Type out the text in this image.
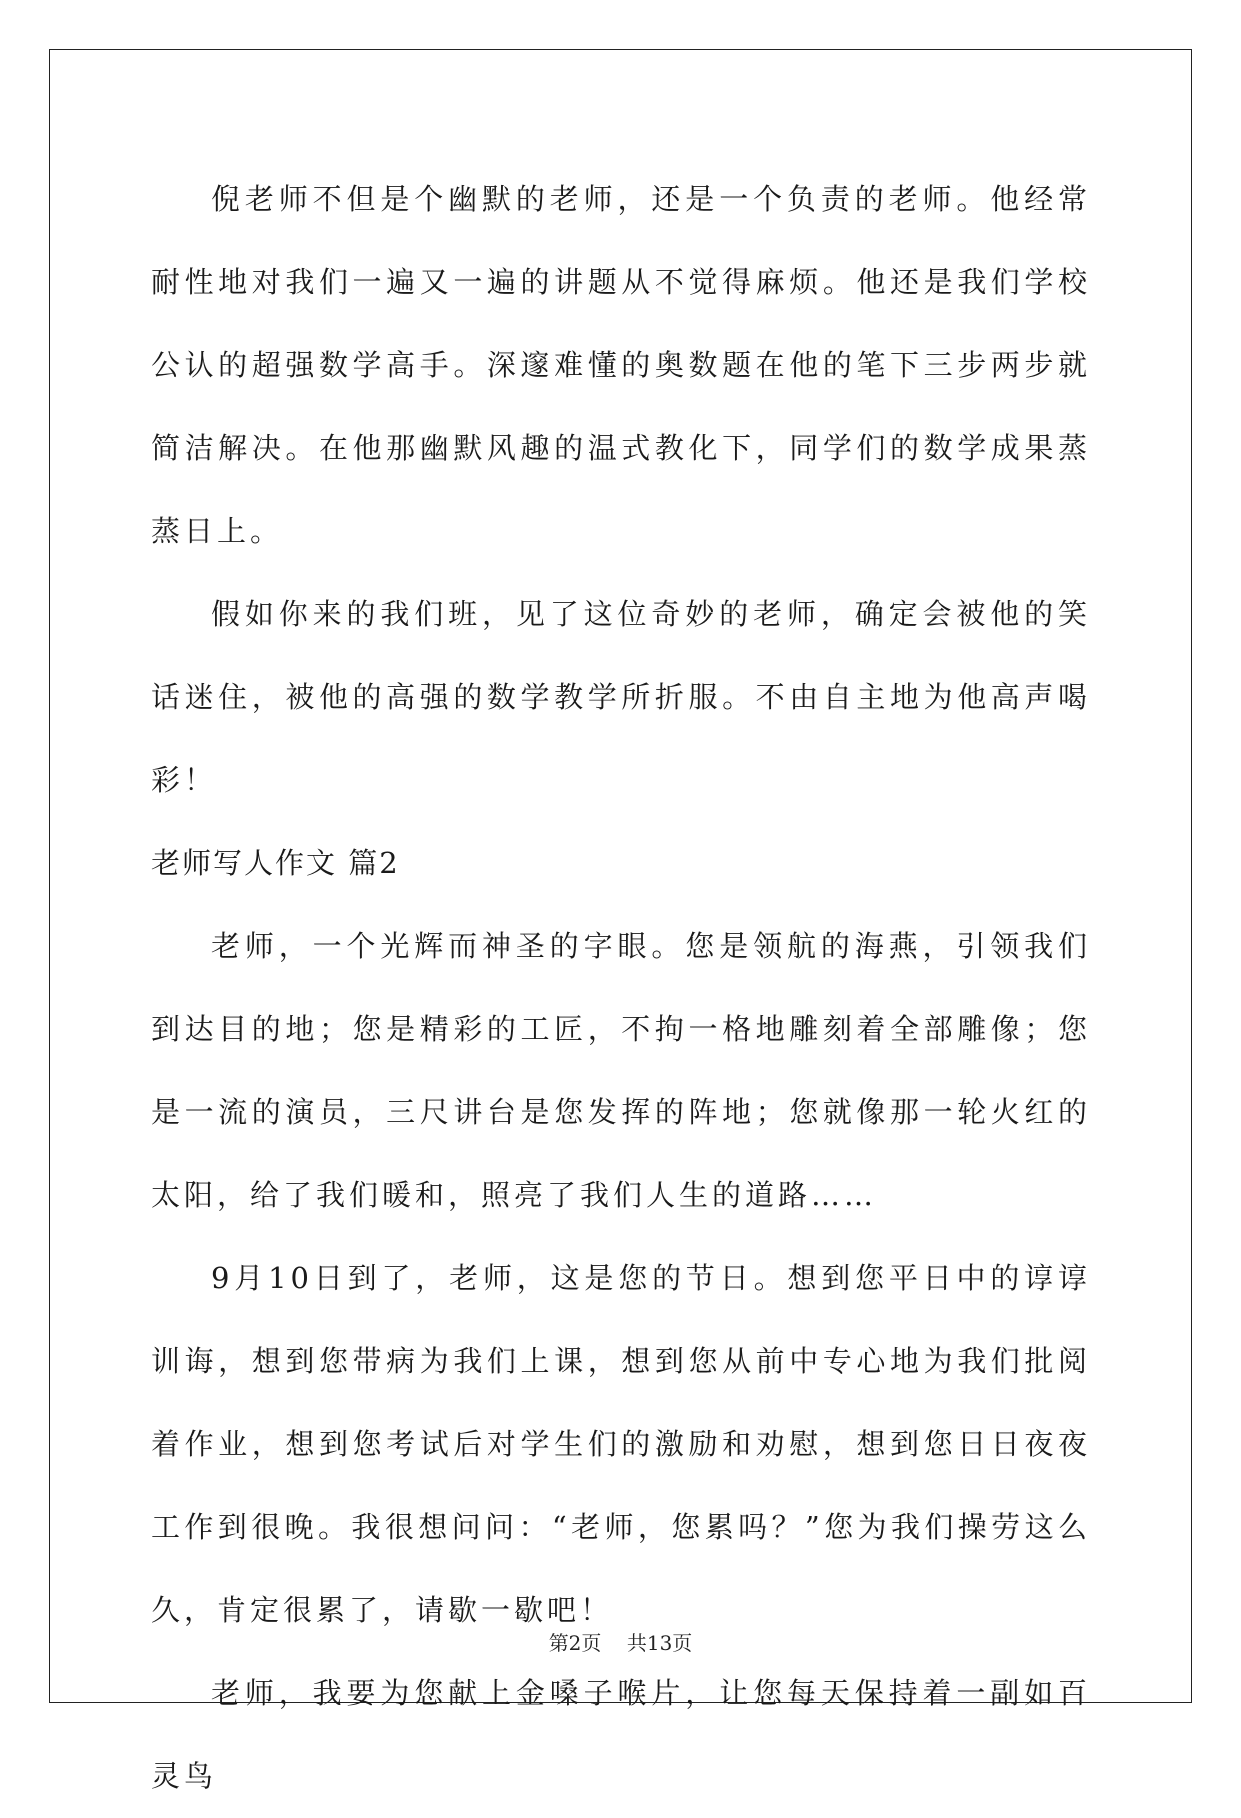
倪老师不但是个幽默的老师，还是一个负责的老师。他经常耐性地对我们一遍又一遍的讲题从不觉得麻烦。他还是我们学校公认的超强数学高手。深邃难懂的奥数题在他的笔下三步两步就简洁解决。在他那幽默风趣的温式教化下，同学们的数学成果蒸蒸日上。

假如你来的我们班，见了这位奇妙的老师，确定会被他的笑话迷住，被他的高强的数学教学所折服。不由自主地为他高声喝彩！

老师写人作文 篇2

老师，一个光辉而神圣的字眼。您是领航的海燕，引领我们到达目的地；您是精彩的工匠，不拘一格地雕刻着全部雕像；您是一流的演员，三尺讲台是您发挥的阵地；您就像那一轮火红的太阳，给了我们暖和，照亮了我们人生的道路……

9月10日到了，老师，这是您的节日。想到您平日中的谆谆训诲，想到您带病为我们上课，想到您从前中专心地为我们批阅着作业，想到您考试后对学生们的激励和劝慰，想到您日日夜夜工作到很晚。我很想问问：“老师，您累吗？”您为我们操劳这么久，肯定很累了，请歇一歇吧！

老师，我要为您献上金嗓子喉片，让您每天保持着一副如百灵鸟

第2页 共13页
